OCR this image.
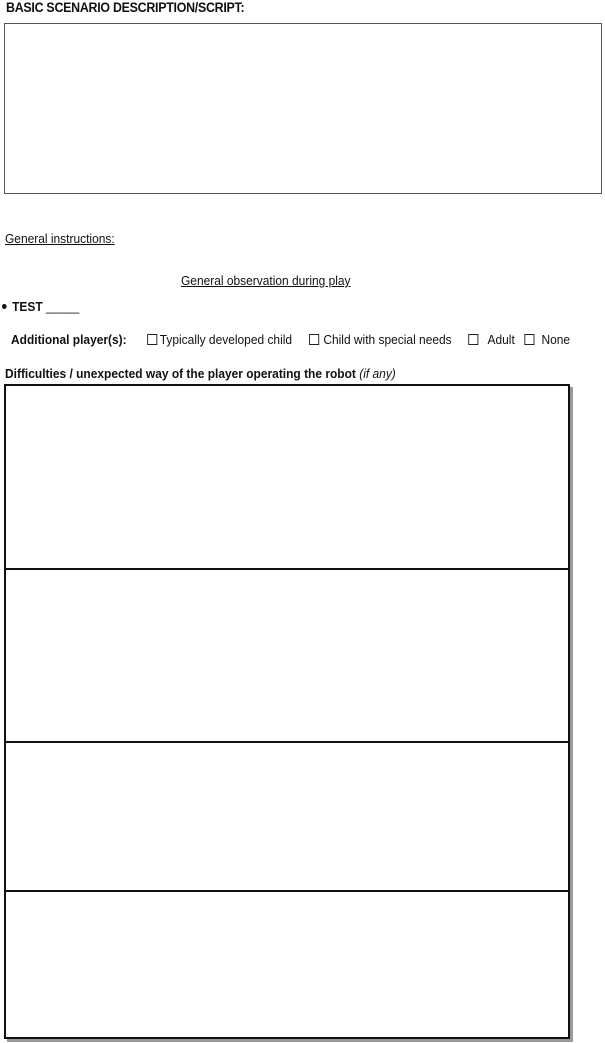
BASIC SCENARIO DESCRIPTION/SCRIPT:
General instructions:
General observation during play
TEST _____
Additional player(s):	Typically developed child Child with special needs	Adult None
Difficulties / unexpected way of the player operating the robot (if any)
